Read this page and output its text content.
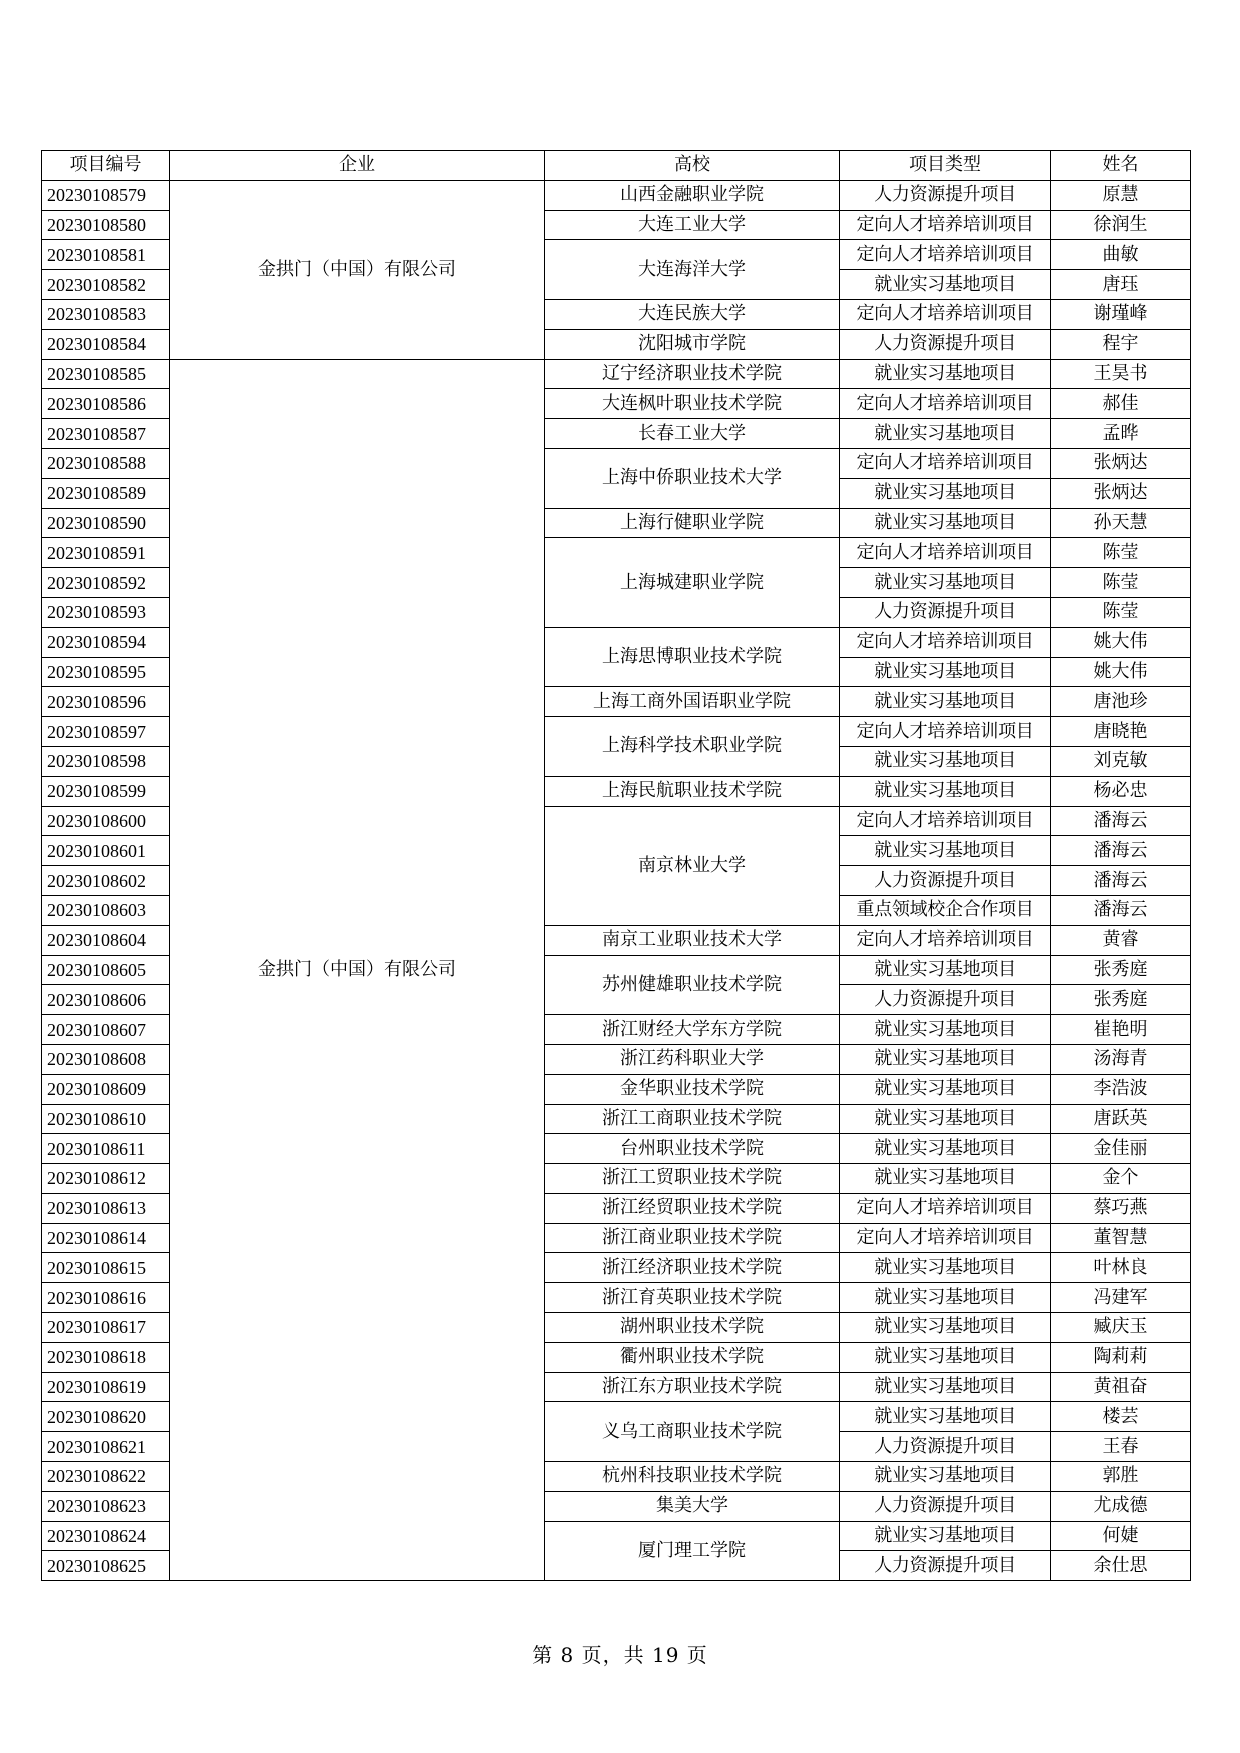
项目编号	企业	高校	项目类型	姓名
20230108579	金拱门（中国）有限公司	山西金融职业学院	人力资源提升项目	原慧
20230108580		大连工业大学	定向人才培养培训项目	徐润生
20230108581		大连海洋大学	定向人才培养培训项目	曲敏
20230108582			就业实习基地项目	唐珏
20230108583		大连民族大学	定向人才培养培训项目	谢瑾峰
20230108584		沈阳城市学院	人力资源提升项目	程宇
20230108585	金拱门（中国）有限公司	辽宁经济职业技术学院	就业实习基地项目	王昊书
20230108586		大连枫叶职业技术学院	定向人才培养培训项目	郝佳
20230108587		长春工业大学	就业实习基地项目	孟晔
20230108588		上海中侨职业技术大学	定向人才培养培训项目	张炳达
20230108589			就业实习基地项目	张炳达
20230108590		上海行健职业学院	就业实习基地项目	孙天慧
20230108591		上海城建职业学院	定向人才培养培训项目	陈莹
20230108592			就业实习基地项目	陈莹
20230108593			人力资源提升项目	陈莹
20230108594		上海思博职业技术学院	定向人才培养培训项目	姚大伟
20230108595			就业实习基地项目	姚大伟
20230108596		上海工商外国语职业学院	就业实习基地项目	唐池珍
20230108597		上海科学技术职业学院	定向人才培养培训项目	唐晓艳
20230108598			就业实习基地项目	刘克敏
20230108599		上海民航职业技术学院	就业实习基地项目	杨必忠
20230108600		南京林业大学	定向人才培养培训项目	潘海云
20230108601			就业实习基地项目	潘海云
20230108602			人力资源提升项目	潘海云
20230108603			重点领域校企合作项目	潘海云
20230108604		南京工业职业技术大学	定向人才培养培训项目	黄睿
20230108605		苏州健雄职业技术学院	就业实习基地项目	张秀庭
20230108606			人力资源提升项目	张秀庭
20230108607		浙江财经大学东方学院	就业实习基地项目	崔艳明
20230108608		浙江药科职业大学	就业实习基地项目	汤海青
20230108609		金华职业技术学院	就业实习基地项目	李浩波
20230108610		浙江工商职业技术学院	就业实习基地项目	唐跃英
20230108611		台州职业技术学院	就业实习基地项目	金佳丽
20230108612		浙江工贸职业技术学院	就业实习基地项目	金个
20230108613		浙江经贸职业技术学院	定向人才培养培训项目	蔡巧燕
20230108614		浙江商业职业技术学院	定向人才培养培训项目	董智慧
20230108615		浙江经济职业技术学院	就业实习基地项目	叶林良
20230108616		浙江育英职业技术学院	就业实习基地项目	冯建军
20230108617		湖州职业技术学院	就业实习基地项目	臧庆玉
20230108618		衢州职业技术学院	就业实习基地项目	陶莉莉
20230108619		浙江东方职业技术学院	就业实习基地项目	黄祖奋
20230108620		义乌工商职业技术学院	就业实习基地项目	楼芸
20230108621			人力资源提升项目	王春
20230108622		杭州科技职业技术学院	就业实习基地项目	郭胜
20230108623		集美大学	人力资源提升项目	尤成德
20230108624		厦门理工学院	就业实习基地项目	何婕
20230108625			人力资源提升项目	余仕思
第 8 页，共 19 页
